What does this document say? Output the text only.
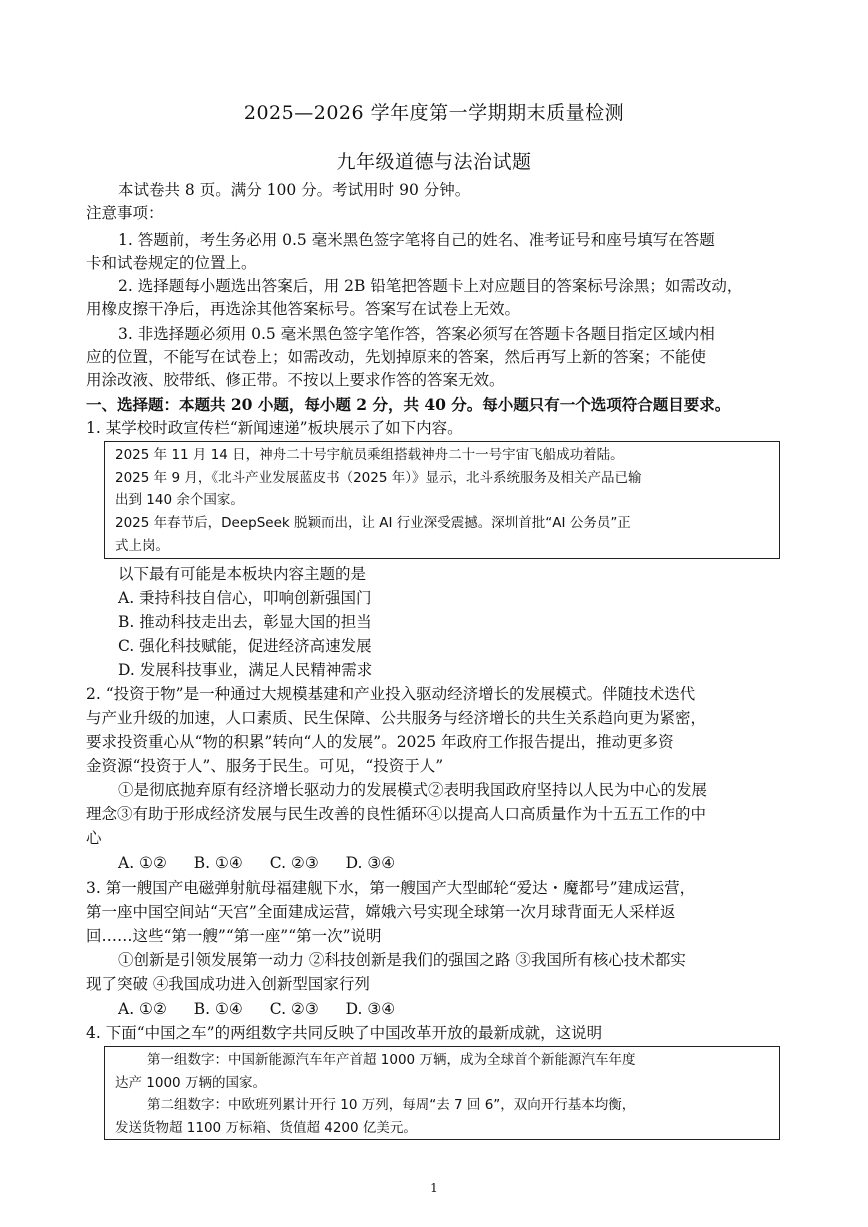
2025—2026 学年度第一学期期末质量检测
九年级道德与法治试题
本试卷共 8 页。满分 100 分。考试用时 90 分钟。
注意事项：
1. 答题前，考生务必用 0.5 毫米黑色签字笔将自己的姓名、准考证号和座号填写在答题
卡和试卷规定的位置上。
2. 选择题每小题选出答案后，用 2B 铅笔把答题卡上对应题目的答案标号涂黑；如需改动，
用橡皮擦干净后，再选涂其他答案标号。答案写在试卷上无效。
3. 非选择题必须用 0.5 毫米黑色签字笔作答，答案必须写在答题卡各题目指定区域内相
应的位置，不能写在试卷上；如需改动，先划掉原来的答案，然后再写上新的答案；不能使
用涂改液、胶带纸、修正带。不按以上要求作答的答案无效。
一、选择题：本题共 20 小题，每小题 2 分，共 40 分。每小题只有一个选项符合题目要求。
1. 某学校时政宣传栏“新闻速递”板块展示了如下内容。
2025 年 11 月 14 日，神舟二十号宇航员乘组搭载神舟二十一号宇宙飞船成功着陆。
2025 年 9 月，《北斗产业发展蓝皮书（2025 年）》显示，北斗系统服务及相关产品已输
出到 140 余个国家。
2025 年春节后，DeepSeek 脱颖而出，让 AI 行业深受震撼。深圳首批“AI 公务员”正
式上岗。
以下最有可能是本板块内容主题的是
A. 秉持科技自信心，叩响创新强国门
B. 推动科技走出去，彰显大国的担当
C. 强化科技赋能，促进经济高速发展
D. 发展科技事业，满足人民精神需求
2. “投资于物”是一种通过大规模基建和产业投入驱动经济增长的发展模式。伴随技术迭代
与产业升级的加速，人口素质、民生保障、公共服务与经济增长的共生关系趋向更为紧密，
要求投资重心从“物的积累”转向“人的发展”。2025 年政府工作报告提出，推动更多资
金资源“投资于人”、服务于民生。可见，“投资于人”
①是彻底抛弃原有经济增长驱动力的发展模式②表明我国政府坚持以人民为中心的发展
理念③有助于形成经济发展与民生改善的良性循环④以提高人口高质量作为十五五工作的中
心
A. ①② B. ①④ C. ②③ D. ③④
3. 第一艘国产电磁弹射航母福建舰下水，第一艘国产大型邮轮“爱达・魔都号”建成运营，
第一座中国空间站“天宫”全面建成运营，嫦娥六号实现全球第一次月球背面无人采样返
回……这些“第一艘”“第一座”“第一次”说明
①创新是引领发展第一动力 ②科技创新是我们的强国之路 ③我国所有核心技术都实
现了突破 ④我国成功进入创新型国家行列
A. ①② B. ①④ C. ②③ D. ③④
4. 下面“中国之车”的两组数字共同反映了中国改革开放的最新成就，这说明
第一组数字：中国新能源汽车年产首超 1000 万辆，成为全球首个新能源汽车年度
达产 1000 万辆的国家。
第二组数字：中欧班列累计开行 10 万列，每周“去 7 回 6”，双向开行基本均衡，
发送货物超 1100 万标箱、货值超 4200 亿美元。
1
